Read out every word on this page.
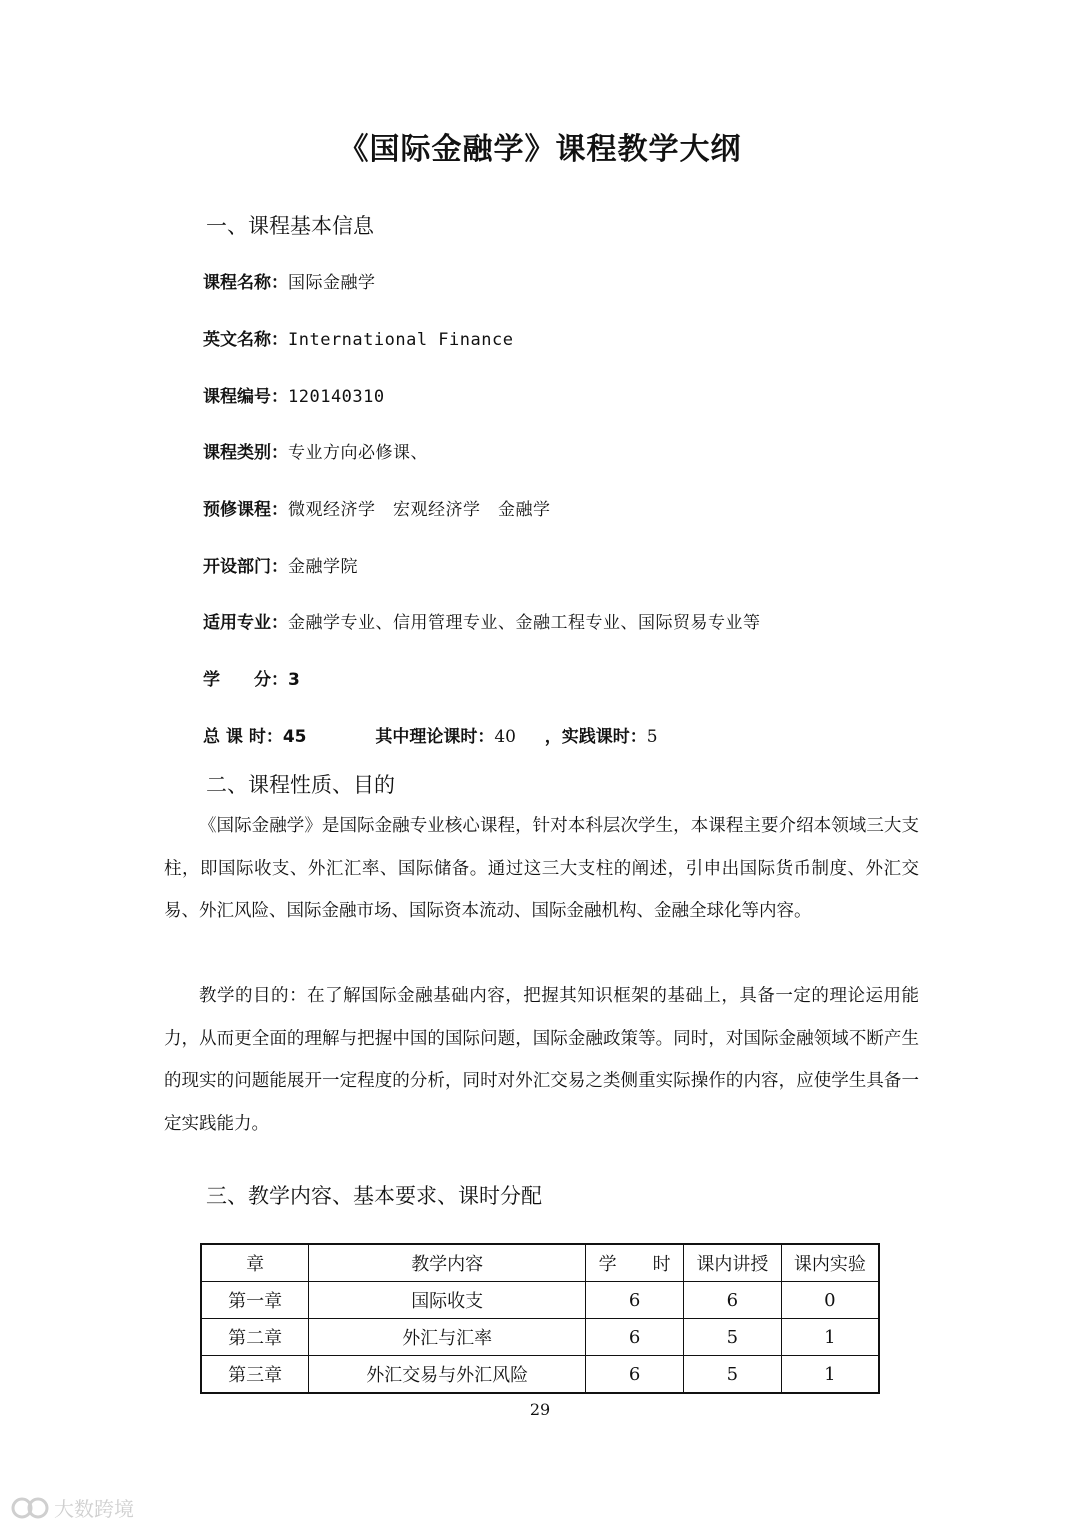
《国际金融学》课程教学大纲
一、课程基本信息
课程名称：国际金融学
英文名称：International Finance
课程编号：120140310
课程类别：专业方向必修课、
预修课程：微观经济学　宏观经济学　金融学
开设部门：金融学院
适用专业：金融学专业、信用管理专业、金融工程专业、国际贸易专业等
学　　分：3
总 课 时：45	其中理论课时：40 ，实践课时：5
二、课程性质、目的

《国际金融学》是国际金融专业核心课程，针对本科层次学生，本课程主要介绍本领域三大支柱，即国际收支、外汇汇率、国际储备。通过这三大支柱的阐述，引申出国际货币制度、外汇交易、外汇风险、国际金融市场、国际资本流动、国际金融机构、金融全球化等内容。

教学的目的：在了解国际金融基础内容，把握其知识框架的基础上，具备一定的理论运用能力，从而更全面的理解与把握中国的国际问题，国际金融政策等。同时，对国际金融领域不断产生的现实的问题能展开一定程度的分析，同时对外汇交易之类侧重实际操作的内容，应使学生具备一定实践能力。

三、教学内容、基本要求、课时分配
章	教学内容	学　　时	课内讲授	课内实验
第一章	国际收支	6	6	0
第二章	外汇与汇率	6	5	1
第三章	外汇交易与外汇风险	6	5	1
29
大数跨境
